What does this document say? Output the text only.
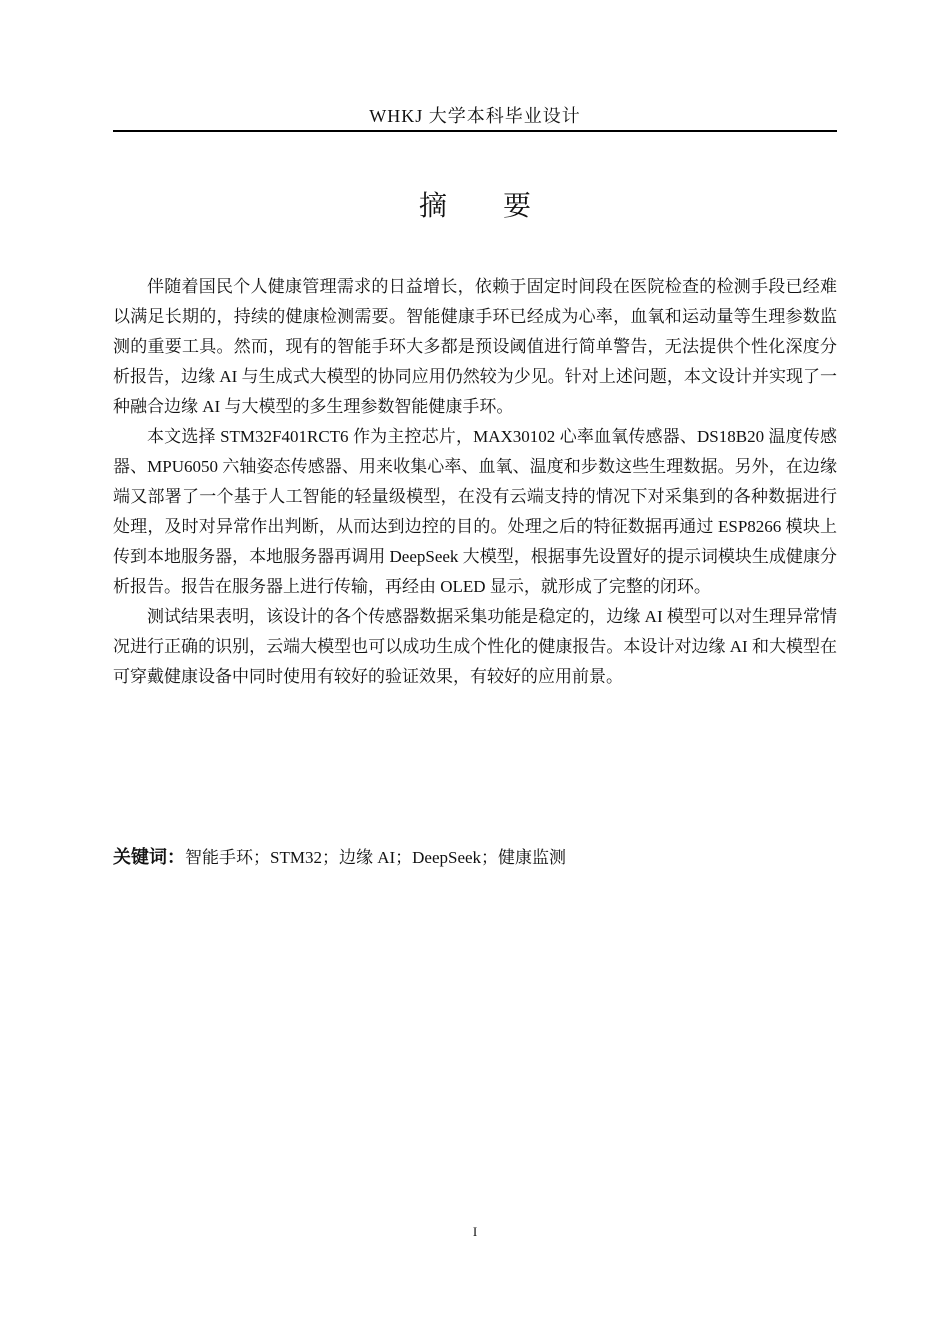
WHKJ 大学本科毕业设计
摘要

伴随着国民个人健康管理需求的日益增长，依赖于固定时间段在医院检查的检测手段已经难以满足长期的，持续的健康检测需要。智能健康手环已经成为心率，血氧和运动量等生理参数监测的重要工具。然而，现有的智能手环大多都是预设阈值进行简单警告，无法提供个性化深度分析报告，边缘 AI 与生成式大模型的协同应用仍然较为少见。针对上述问题，本文设计并实现了一种融合边缘 AI 与大模型的多生理参数智能健康手环。

本文选择 STM32F401RCT6 作为主控芯片，MAX30102 心率血氧传感器、DS18B20 温度传感器、MPU6050 六轴姿态传感器、用来收集心率、血氧、温度和步数这些生理数据。另外，在边缘端又部署了一个基于人工智能的轻量级模型，在没有云端支持的情况下对采集到的各种数据进行处理，及时对异常作出判断，从而达到边控的目的。处理之后的特征数据再通过 ESP8266 模块上传到本地服务器，本地服务器再调用 DeepSeek 大模型，根据事先设置好的提示词模块生成健康分析报告。报告在服务器上进行传输，再经由 OLED 显示，就形成了完整的闭环。

测试结果表明，该设计的各个传感器数据采集功能是稳定的，边缘 AI 模型可以对生理异常情况进行正确的识别，云端大模型也可以成功生成个性化的健康报告。本设计对边缘 AI 和大模型在可穿戴健康设备中同时使用有较好的验证效果，有较好的应用前景。

关键词：智能手环；STM32；边缘 AI；DeepSeek；健康监测
I
